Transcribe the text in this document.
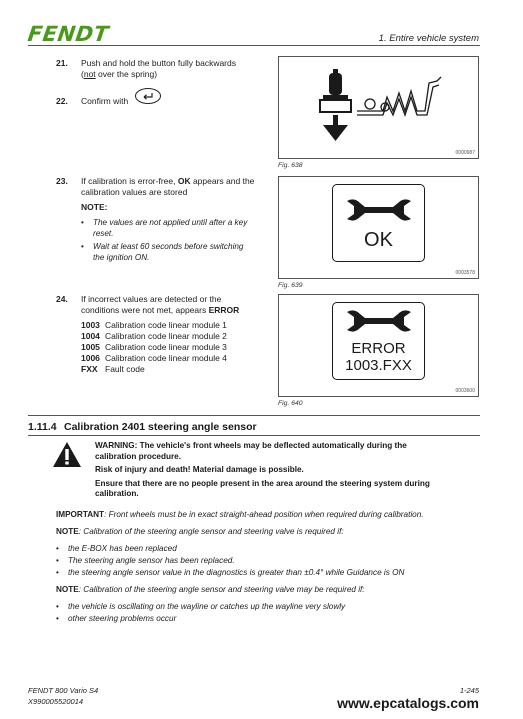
FENDT	1. Entire vehicle system
21.	Push and hold the button fully backwards
(not over the spring)
22.	Confirm with
0000987
Fig. 638
23.	If calibration is error-free, OK appears and the
calibration values are stored
NOTE:
• The values are not applied until after a key
reset.
• Wait at least 60 seconds before switching
the ignition ON.
OK
0003578
Fig. 639
24.	If incorrect values are detected or the
conditions were not met, appears ERROR
1003 Calibration code linear module 1
1004 Calibration code linear module 2
1005 Calibration code linear module 3
1006 Calibration code linear module 4
FXX Fault code
ERROR
1003.FXX
0003600
Fig. 640
1.11.4 Calibration 2401 steering angle sensor
WARNING: The vehicle's front wheels may be deflected automatically during the
calibration procedure.
Risk of injury and death! Material damage is possible.
Ensure that there are no people present in the area around the steering system during
calibration.
IMPORTANT: Front wheels must be in exact straight-ahead position when required during calibration.
NOTE: Calibration of the steering angle sensor and steering valve is required if:
• the E-BOX has been replaced
• The steering angle sensor has been replaced.
• the steering angle sensor value in the diagnostics is greater than ±0.4° while Guidance is ON
NOTE: Calibration of the steering angle sensor and steering valve may be required if:
• the vehicle is oscillating on the wayline or catches up the wayline very slowly
• other steering problems occur
FENDT 800 Vario S4
X990005520014
1-245
www.epcatalogs.com
